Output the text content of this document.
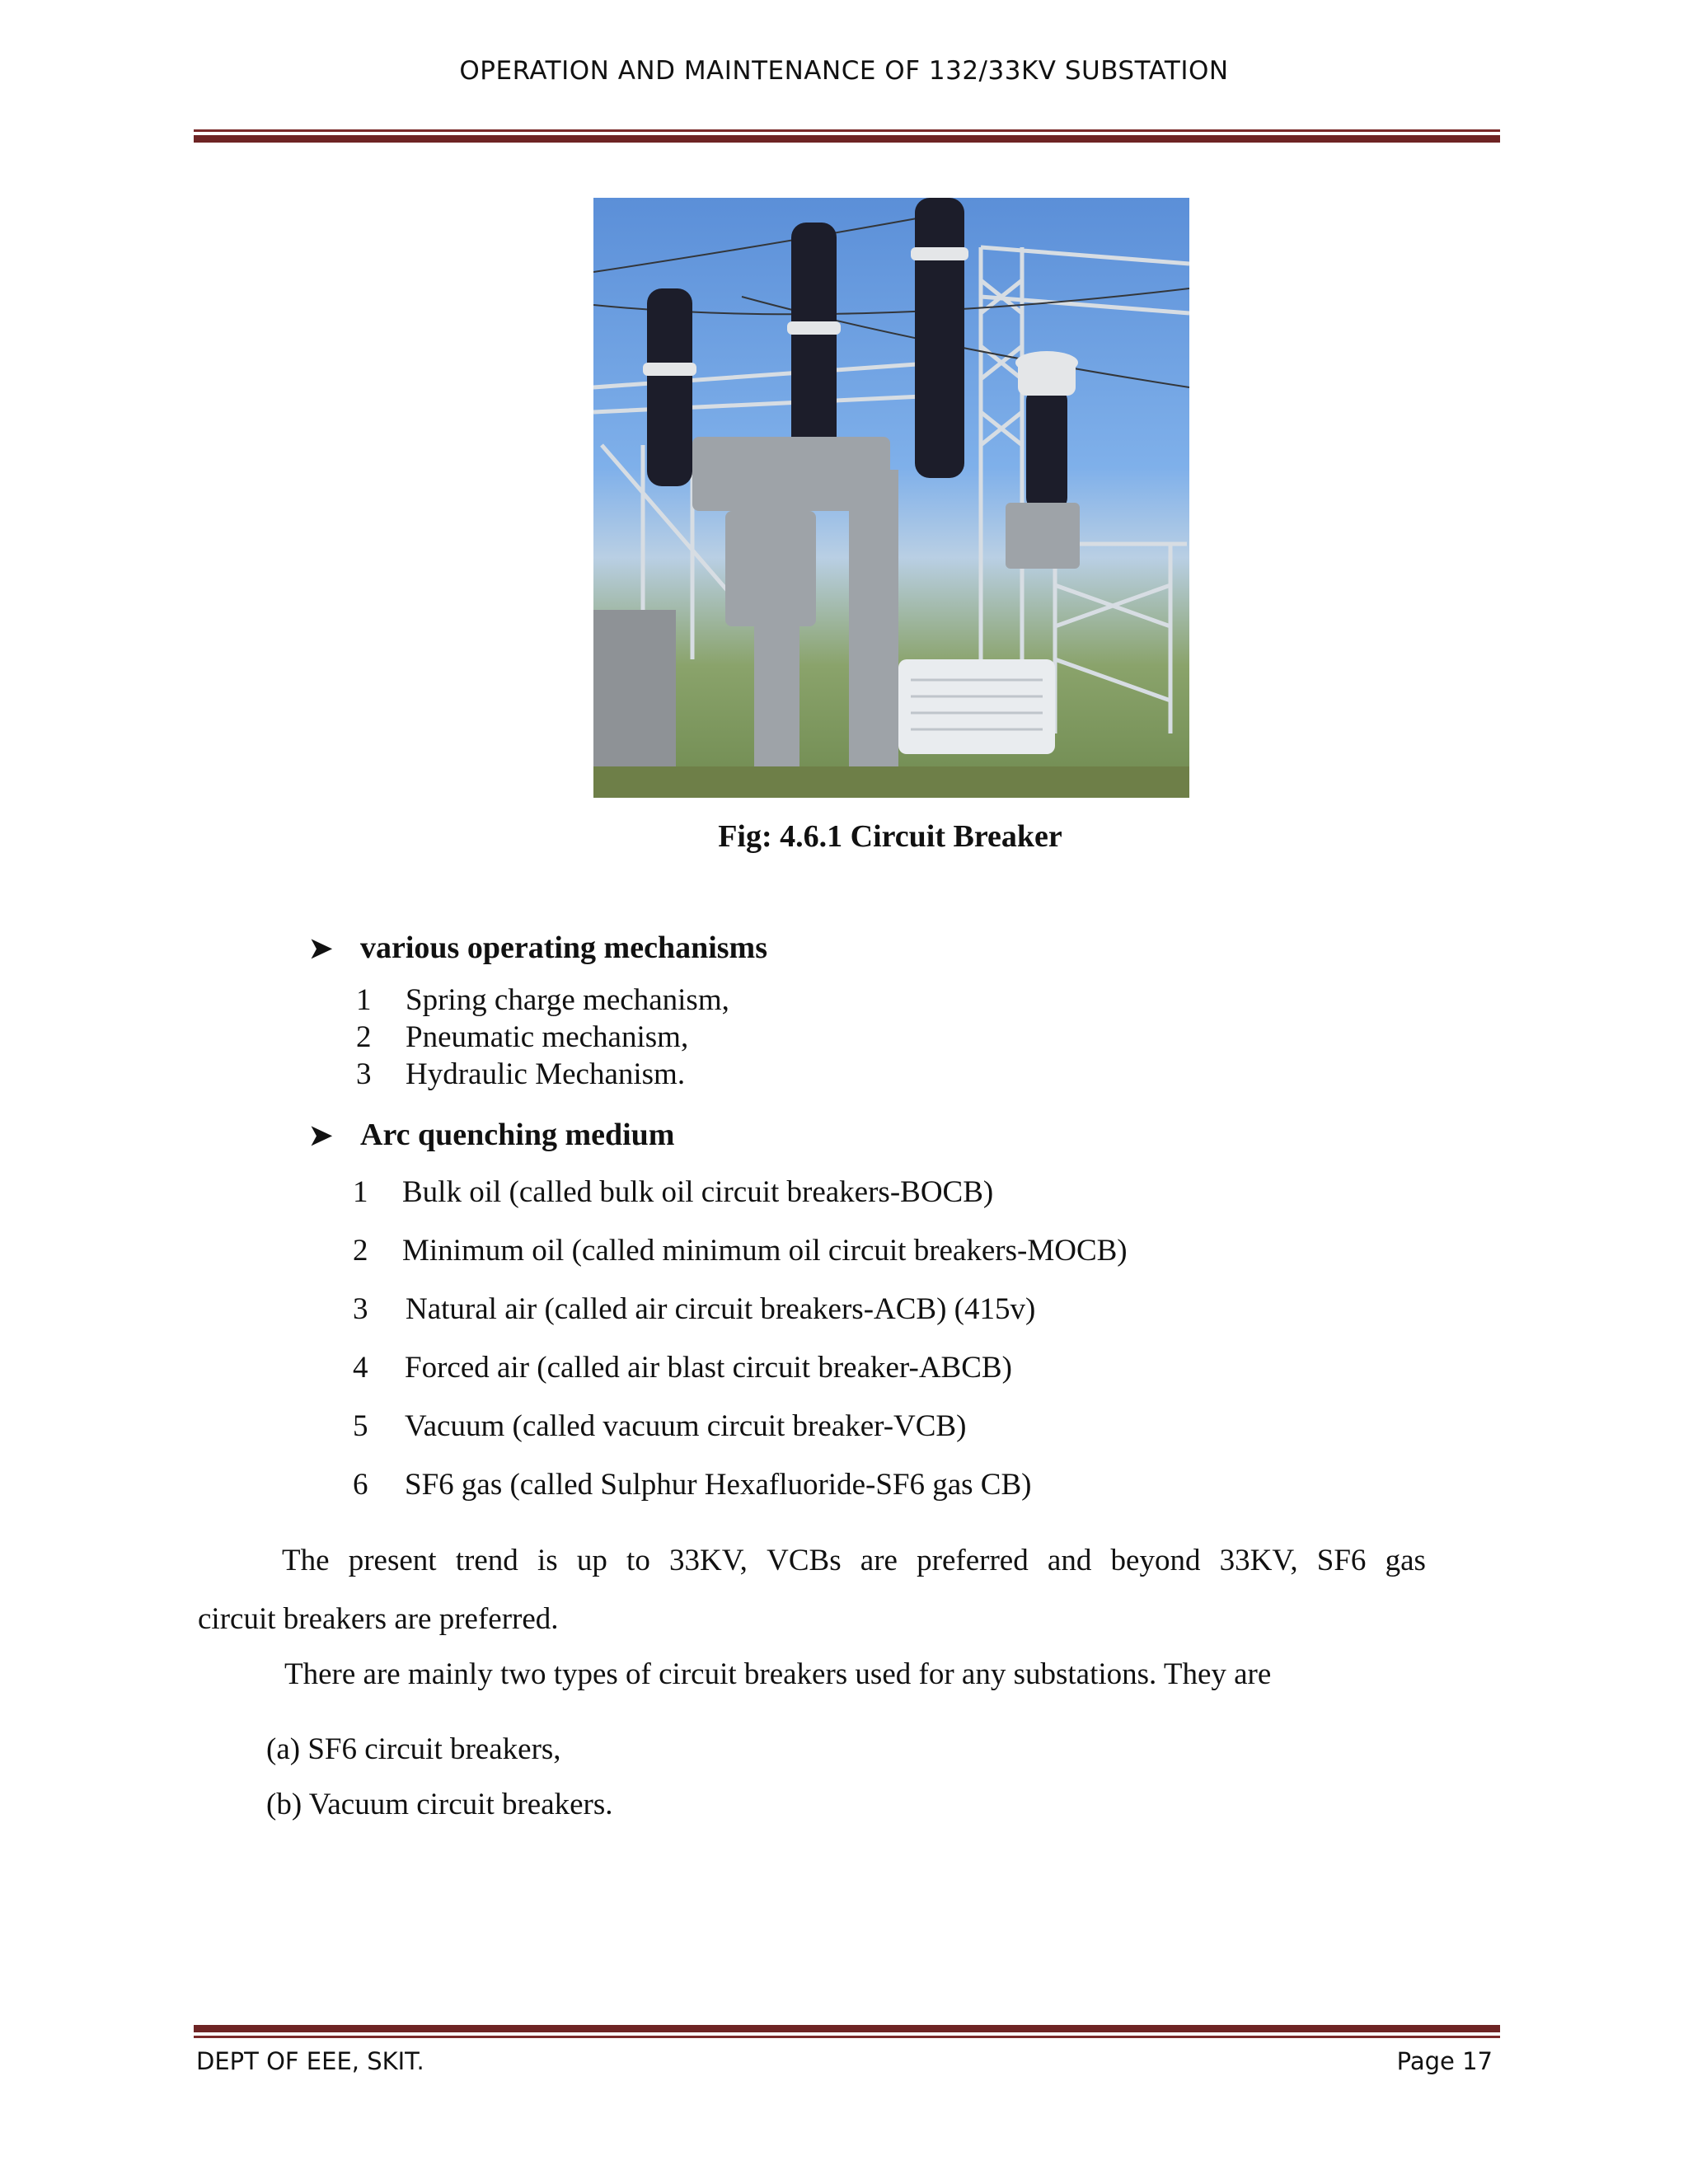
OPERATION AND MAINTENANCE OF 132/33KV SUBSTATION
Fig: 4.6.1 Circuit Breaker
➤ various operating mechanisms
1 Spring charge mechanism,
2 Pneumatic mechanism,
3 Hydraulic Mechanism.
➤ Arc quenching medium
1 Bulk oil (called bulk oil circuit breakers-BOCB)
2 Minimum oil (called minimum oil circuit breakers-MOCB)
3 Natural air (called air circuit breakers-ACB) (415v)
4 Forced air (called air blast circuit breaker-ABCB)
5 Vacuum (called vacuum circuit breaker-VCB)
6 SF6 gas (called Sulphur Hexafluoride-SF6 gas CB)
The present trend is up to 33KV, VCBs are preferred and beyond 33KV, SF6 gas
circuit breakers are preferred.
There are mainly two types of circuit breakers used for any substations. They are
(a) SF6 circuit breakers,
(b) Vacuum circuit breakers.
DEPT OF EEE, SKIT.	Page 17
